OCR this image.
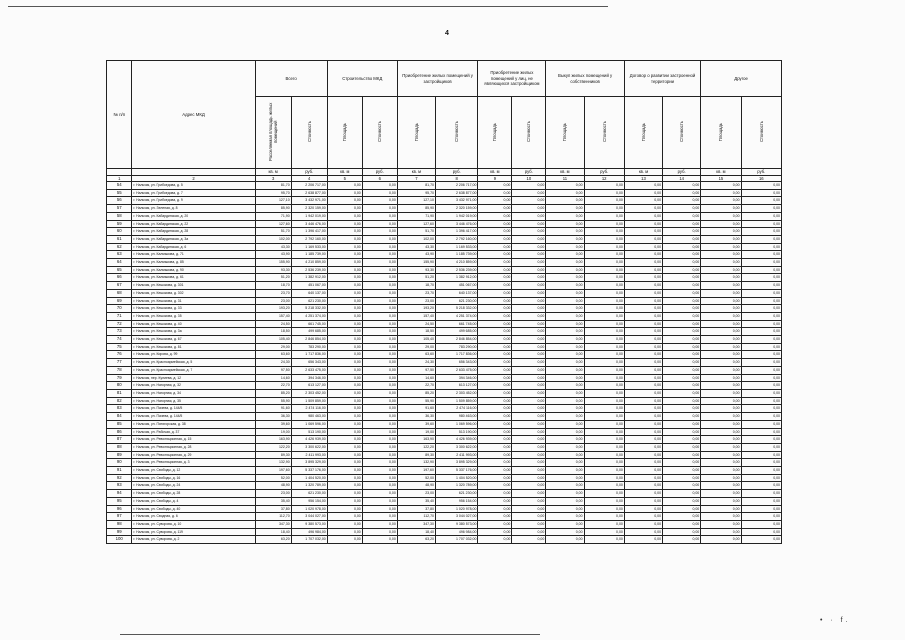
4
• · f.
№ п/п	Адрес МКД	Всего		Строительство МКД		Приобретение жилых помещений у застройщиков		Приобретение жилых помещений у лиц, не являющихся застройщиком		Выкуп жилых помещений у собственников		Договор о развитии застроенной территории		Другое	
		Расселяемая площадь жилых помещений	Стоимость	Площадь	Стоимость	Площадь	Стоимость	Площадь	Стоимость	Площадь	Стоимость	Площадь	Стоимость	Площадь	Стоимость
		кв. м	руб.	кв. м	руб.	кв. м	руб.	кв. м	руб.	кв. м	руб.	кв. м	руб.	кв. м	руб.
1	2	3	4	5	6	7	8	9	10	11	12	13	14	15	16
54	г. Нальчик, ул. Грибоедова, д. 5	81,70	2 206 717,00	0,00	0,00	81,70	2 206 717,00	0,00	0,00	0,00	0,00	0,00	0,00	0,00	0,00
55	г. Нальчик, ул. Грибоедова, д. 7	95,70	2 638 877,00	0,00	0,00	95,70	2 638 877,00	0,00	0,00	0,00	0,00	0,00	0,00	0,00	0,00
56	г. Нальчик, ул. Грибоедова, д. 9	127,10	3 432 971,00	0,00	0,00	127,10	3 432 971,00	0,00	0,00	0,00	0,00	0,00	0,00	0,00	0,00
57	г. Нальчик, ул. Зеленая, д. 8	85,90	2 320 159,00	0,00	0,00	85,90	2 320 159,00	0,00	0,00	0,00	0,00	0,00	0,00	0,00	0,00
58	г. Нальчик, ул. Кабардинская, д. 20	71,90	1 942 019,00	0,00	0,00	71,90	1 942 019,00	0,00	0,00	0,00	0,00	0,00	0,00	0,00	0,00
59	г. Нальчик, ул. Кабардинская, д. 22	127,60	3 446 476,00	0,00	0,00	127,60	3 446 476,00	0,00	0,00	0,00	0,00	0,00	0,00	0,00	0,00
60	г. Нальчик, ул. Кабардинская, д. 28	51,70	1 396 417,00	0,00	0,00	51,70	1 396 417,00	0,00	0,00	0,00	0,00	0,00	0,00	0,00	0,00
61	г. Нальчик, ул. Кабардинская, д. 3а	102,00	2 792 160,00	0,00	0,00	102,00	2 792 160,00	0,00	0,00	0,00	0,00	0,00	0,00	0,00	0,00
62	г. Нальчик, ул. Кабардинская, д. 6	43,30	1 169 533,00	0,00	0,00	43,30	1 169 533,00	0,00	0,00	0,00	0,00	0,00	0,00	0,00	0,00
63	г. Нальчик, ул. Калмыкова, д. 71	43,90	1 185 739,00	0,00	0,00	43,90	1 185 739,00	0,00	0,00	0,00	0,00	0,00	0,00	0,00	0,00
64	г. Нальчик, ул. Калмыкова, д. 85	155,90	4 210 859,00	0,00	0,00	155,90	4 210 859,00	0,00	0,00	0,00	0,00	0,00	0,00	0,00	0,00
65	г. Нальчик, ул. Калмыкова, д. 90	93,30	2 536 239,00	0,00	0,00	93,30	2 536 239,00	0,00	0,00	0,00	0,00	0,00	0,00	0,00	0,00
66	г. Нальчик, ул. Калмыкова, д. 61	51,20	1 382 912,00	0,00	0,00	51,20	1 382 912,00	0,00	0,00	0,00	0,00	0,00	0,00	0,00	0,00
67	г. Нальчик, ул. Кешокова, д. 301	18,70	451 067,00	0,00	0,00	18,70	451 067,00	0,00	0,00	0,00	0,00	0,00	0,00	0,00	0,00
68	г. Нальчик, ул. Кешокова, д. 302	23,70	640 137,00	0,00	0,00	23,70	640 137,00	0,00	0,00	0,00	0,00	0,00	0,00	0,00	0,00
69	г. Нальчик, ул. Кешокова, д. 31	23,00	621 230,00	0,00	0,00	23,00	621 230,00	0,00	0,00	0,00	0,00	0,00	0,00	0,00	0,00
70	г. Нальчик, ул. Кешокова, д. 33	193,20	5 218 332,00	0,00	0,00	193,20	5 218 332,00	0,00	0,00	0,00	0,00	0,00	0,00	0,00	0,00
71	г. Нальчик, ул. Кешокова, д. 35	157,40	4 251 374,00	0,00	0,00	157,40	4 251 374,00	0,00	0,00	0,00	0,00	0,00	0,00	0,00	0,00
72	г. Нальчик, ул. Кешокова, д. 40	24,50	661 745,00	0,00	0,00	24,50	661 745,00	0,00	0,00	0,00	0,00	0,00	0,00	0,00	0,00
73	г. Нальчик, ул. Кешокова, д. 3а	18,50	499 685,00	0,00	0,00	18,50	499 685,00	0,00	0,00	0,00	0,00	0,00	0,00	0,00	0,00
74	г. Нальчик, ул. Кешокова, д. 67	105,40	2 846 854,00	0,00	0,00	105,40	2 846 854,00	0,00	0,00	0,00	0,00	0,00	0,00	0,00	0,00
75	г. Нальчик, ул. Кешокова, д. 81	29,00	783 290,00	0,00	0,00	29,00	783 290,00	0,00	0,00	0,00	0,00	0,00	0,00	0,00	0,00
76	г. Нальчик, ул. Кирова, д. 99	63,60	1 717 836,00	0,00	0,00	63,60	1 717 836,00	0,00	0,00	0,00	0,00	0,00	0,00	0,00	0,00
77	г. Нальчик, ул. Красноармейская, д. 5	24,30	656 343,00	0,00	0,00	24,30	656 343,00	0,00	0,00	0,00	0,00	0,00	0,00	0,00	0,00
78	г. Нальчик, ул. Красноармейская, д. 7	97,50	2 633 475,00	0,00	0,00	97,50	2 633 475,00	0,00	0,00	0,00	0,00	0,00	0,00	0,00	0,00
79	г. Нальчик, пер. Кулиева, д. 12	14,60	394 346,00	0,00	0,00	14,60	394 346,00	0,00	0,00	0,00	0,00	0,00	0,00	0,00	0,00
80	г. Нальчик, ул. Нагорная, д. 32	22,70	613 127,00	0,00	0,00	22,70	613 127,00	0,00	0,00	0,00	0,00	0,00	0,00	0,00	0,00
81	г. Нальчик, ул. Нагорная, д. 34	85,20	2 303 452,00	0,00	0,00	85,20	2 303 452,00	0,00	0,00	0,00	0,00	0,00	0,00	0,00	0,00
82	г. Нальчик, ул. Нагорная, д. 35	55,90	1 509 859,00	0,00	0,00	55,90	1 509 859,00	0,00	0,00	0,00	0,00	0,00	0,00	0,00	0,00
83	г. Нальчик, ул. Пачева, д. 144/5	91,60	2 474 116,00	0,00	0,00	91,60	2 474 116,00	0,00	0,00	0,00	0,00	0,00	0,00	0,00	0,00
84	г. Нальчик, ул. Пачева, д. 144/5	36,30	980 463,00	0,00	0,00	36,30	980 463,00	0,00	0,00	0,00	0,00	0,00	0,00	0,00	0,00
85	г. Нальчик, ул. Пятигорская, д. 38	39,60	1 069 596,00	0,00	0,00	39,60	1 069 596,00	0,00	0,00	0,00	0,00	0,00	0,00	0,00	0,00
86	г. Нальчик, ул. Рабочая, д. 37	19,00	513 190,00	0,00	0,00	19,00	513 190,00	0,00	0,00	0,00	0,00	0,00	0,00	0,00	0,00
87	г. Нальчик, ул. Революционная, д. 15	163,90	4 426 939,00	0,00	0,00	163,90	4 426 939,00	0,00	0,00	0,00	0,00	0,00	0,00	0,00	0,00
88	г. Нальчик, ул. Революционная, д. 28	122,20	3 300 622,00	0,00	0,00	122,20	3 300 622,00	0,00	0,00	0,00	0,00	0,00	0,00	0,00	0,00
89	г. Нальчик, ул. Революционная, д. 29	89,30	2 411 993,00	0,00	0,00	89,30	2 411 993,00	0,00	0,00	0,00	0,00	0,00	0,00	0,00	0,00
90	г. Нальчик, ул. Революционная, д. 3	132,90	3 895 329,00	0,00	0,00	132,90	3 895 329,00	0,00	0,00	0,00	0,00	0,00	0,00	0,00	0,00
91	г. Нальчик, ул. Свободы, д. 12	197,60	5 337 176,00	0,00	0,00	197,60	5 337 176,00	0,00	0,00	0,00	0,00	0,00	0,00	0,00	0,00
92	г. Нальчик, ул. Свободы, д. 16	52,00	1 404 520,00	0,00	0,00	52,00	1 404 520,00	0,00	0,00	0,00	0,00	0,00	0,00	0,00	0,00
93	г. Нальчик, ул. Свободы, д. 24	48,90	1 320 789,00	0,00	0,00	48,90	1 320 789,00	0,00	0,00	0,00	0,00	0,00	0,00	0,00	0,00
94	г. Нальчик, ул. Свободы, д. 28	23,00	621 230,00	0,00	0,00	23,00	621 230,00	0,00	0,00	0,00	0,00	0,00	0,00	0,00	0,00
95	г. Нальчик, ул. Свободы, д. 4	35,40	956 154,00	0,00	0,00	35,40	956 154,00	0,00	0,00	0,00	0,00	0,00	0,00	0,00	0,00
96	г. Нальчик, ул. Свободы, д. 40	37,80	1 020 978,00	0,00	0,00	37,80	1 020 978,00	0,00	0,00	0,00	0,00	0,00	0,00	0,00	0,00
97	г. Нальчик, ул. Сводная, д. 6	112,70	3 044 027,00	0,00	0,00	112,70	3 044 027,00	0,00	0,00	0,00	0,00	0,00	0,00	0,00	0,00
98	г. Нальчик, ул. Суворова, д. 10	347,30	9 380 573,00	0,00	0,00	347,30	9 380 573,00	0,00	0,00	0,00	0,00	0,00	0,00	0,00	0,00
99	г. Нальчик, ул. Суворова, д. 119	18,40	496 984,00	0,00	0,00	18,40	496 984,00	0,00	0,00	0,00	0,00	0,00	0,00	0,00	0,00
100	г. Нальчик, ул. Суворова, д. 2	63,20	1 707 032,00	0,00	0,00	63,20	1 707 032,00	0,00	0,00	0,00	0,00	0,00	0,00	0,00	0,00
